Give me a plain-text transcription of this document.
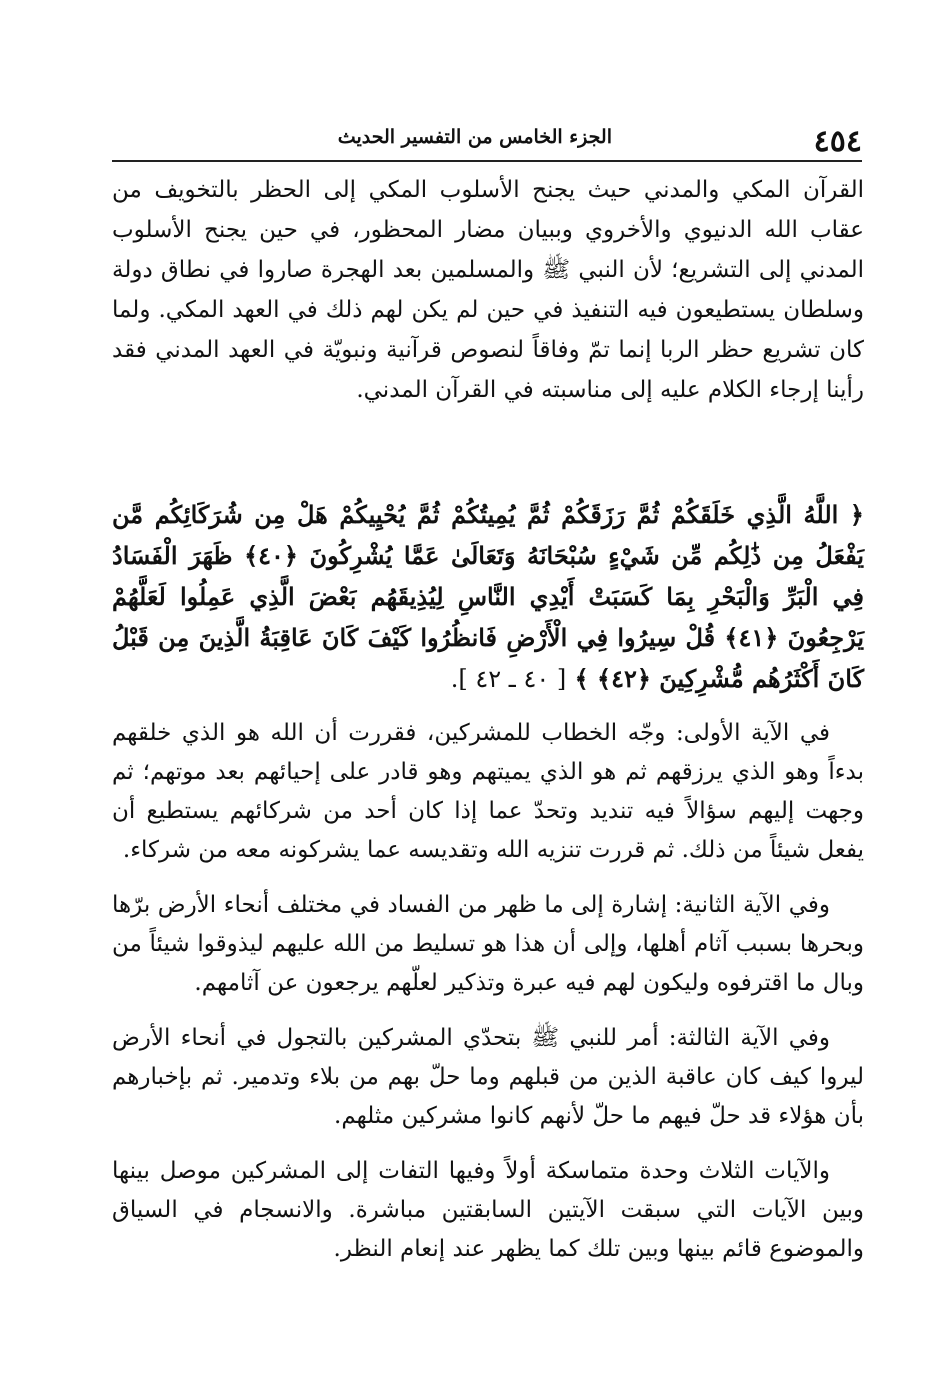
٤٥٤
الجزء الخامس من التفسير الحديث

القرآن المكي والمدني حيث يجنح الأسلوب المكي إلى الحظر بالتخويف من عقاب الله الدنيوي والأخروي وببيان مضار المحظور، في حين يجنح الأسلوب المدني إلى التشريع؛ لأن النبي ﷺ والمسلمين بعد الهجرة صاروا في نطاق دولة وسلطان يستطيعون فيه التنفيذ في حين لم يكن لهم ذلك في العهد المكي. ولما كان تشريع حظر الربا إنما تمّ وفاقاً لنصوص قرآنية ونبويّة في العهد المدني فقد رأينا إرجاء الكلام عليه إلى مناسبته في القرآن المدني.

﴿ اللَّهُ الَّذِي خَلَقَكُمْ ثُمَّ رَزَقَكُمْ ثُمَّ يُمِيتُكُمْ ثُمَّ يُحْيِيكُمْ هَلْ مِن شُرَكَائِكُم مَّن يَفْعَلُ مِن ذَٰلِكُم مِّن شَيْءٍ سُبْحَانَهُ وَتَعَالَىٰ عَمَّا يُشْرِكُونَ ﴿٤٠﴾ ظَهَرَ الْفَسَادُ فِي الْبَرِّ وَالْبَحْرِ بِمَا كَسَبَتْ أَيْدِي النَّاسِ لِيُذِيقَهُم بَعْضَ الَّذِي عَمِلُوا لَعَلَّهُمْ يَرْجِعُونَ ﴿٤١﴾ قُلْ سِيرُوا فِي الْأَرْضِ فَانظُرُوا كَيْفَ كَانَ عَاقِبَةُ الَّذِينَ مِن قَبْلُ كَانَ أَكْثَرُهُم مُّشْرِكِينَ ﴿٤٢﴾ ﴾ [ ٤٠ ـ ٤٢ ].

في الآية الأولى: وجّه الخطاب للمشركين، فقررت أن الله هو الذي خلقهم بدءاً وهو الذي يرزقهم ثم هو الذي يميتهم وهو قادر على إحيائهم بعد موتهم؛ ثم وجهت إليهم سؤالاً فيه تنديد وتحدّ عما إذا كان أحد من شركائهم يستطيع أن يفعل شيئاً من ذلك. ثم قررت تنزيه الله وتقديسه عما يشركونه معه من شركاء.

وفي الآية الثانية: إشارة إلى ما ظهر من الفساد في مختلف أنحاء الأرض برّها وبحرها بسبب آثام أهلها، وإلى أن هذا هو تسليط من الله عليهم ليذوقوا شيئاً من وبال ما اقترفوه وليكون لهم فيه عبرة وتذكير لعلّهم يرجعون عن آثامهم.

وفي الآية الثالثة: أمر للنبي ﷺ بتحدّي المشركين بالتجول في أنحاء الأرض ليروا كيف كان عاقبة الذين من قبلهم وما حلّ بهم من بلاء وتدمير. ثم بإخبارهم بأن هؤلاء قد حلّ فيهم ما حلّ لأنهم كانوا مشركين مثلهم.

والآيات الثلاث وحدة متماسكة أولاً وفيها التفات إلى المشركين موصل بينها وبين الآيات التي سبقت الآيتين السابقتين مباشرة. والانسجام في السياق والموضوع قائم بينها وبين تلك كما يظهر عند إنعام النظر.
